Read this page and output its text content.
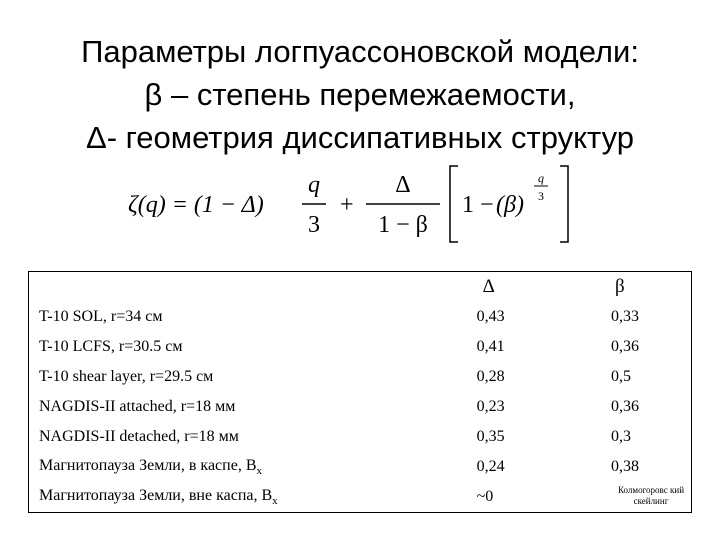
Параметры логпуассоновской модели:
β – степень перемежаемости,
Δ- геометрия диссипативных структур
ζ(q) = (1 − Δ)
q
3
+
Δ
1 − β
1 − (β)
q
3
	Δ	β
T-10 SOL, r=34 см	0,43	0,33
T-10 LCFS, r=30.5 см	0,41	0,36
T-10 shear layer, r=29.5 см	0,28	0,5
NAGDIS-II attached, r=18 мм	0,23	0,36
NAGDIS-II detached, r=18 мм	0,35	0,3
Магнитопауза Земли, в каспе, $B_x$	0,24	0,38
Магнитопауза Земли, вне каспа, $B_x$	~0	Колмогоровс кий скейлинг
